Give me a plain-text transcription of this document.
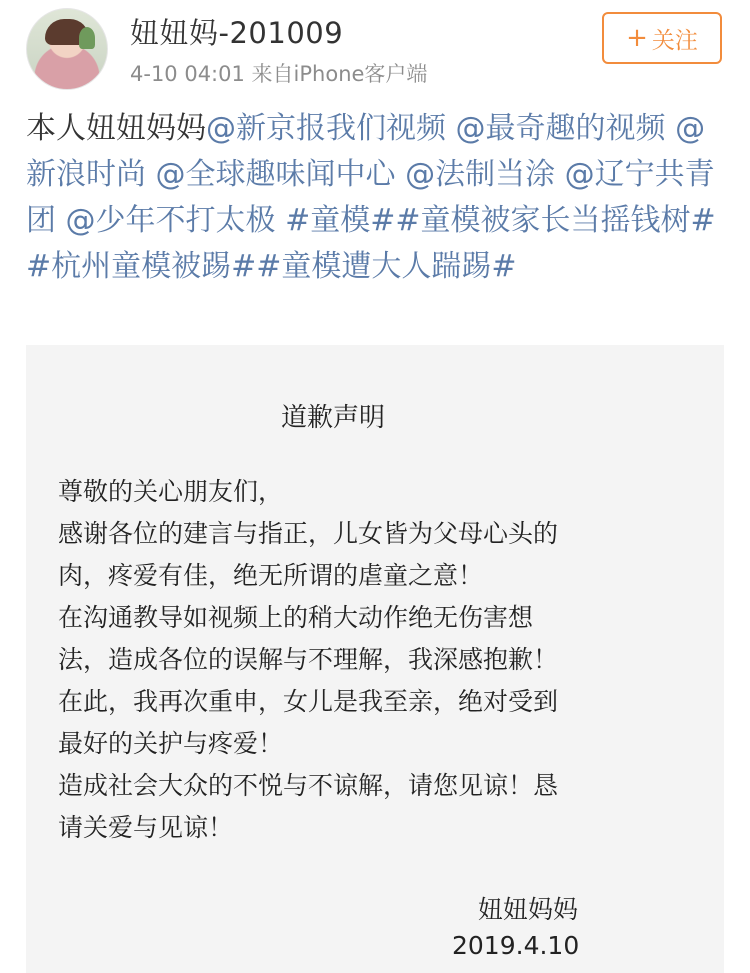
妞妞妈-201009
4-10 04:01 来自iPhone客户端
+ 关注
本人妞妞妈妈@新京报我们视频 @最奇趣的视频 @新浪时尚 @全球趣味闻中心 @法制当涂 @辽宁共青团 @少年不打太极 #童模##童模被家长当摇钱树##杭州童模被踢##童模遭大人踹踢#
道歉声明
尊敬的关心朋友们，
感谢各位的建言与指正，儿女皆为父母心头的
肉，疼爱有佳，绝无所谓的虐童之意！
在沟通教导如视频上的稍大动作绝无伤害想
法，造成各位的误解与不理解，我深感抱歉！
在此，我再次重申，女儿是我至亲，绝对受到
最好的关护与疼爱！
造成社会大众的不悦与不谅解，请您见谅！恳
请关爱与见谅！
妞妞妈妈
2019.4.10
